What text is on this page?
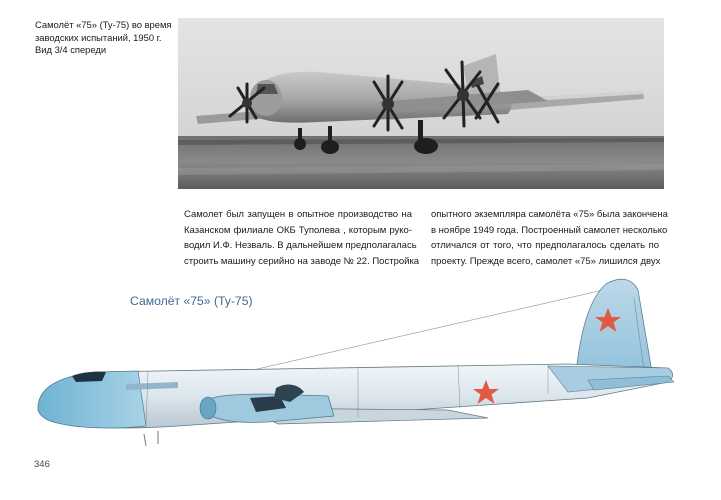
Самолёт «75» (Ту-75) во время
заводских испытаний, 1950 г.
Вид 3/4 спереди
Самолет был запущен в опытное производство на
Казанском филиале ОКБ Туполева , которым руко-
водил И.Ф. Незваль. В дальнейшем предполагалась
строить машину серийно на заводе № 22. Постройка
опытного экземпляра самолёта «75» была закончена
в ноябре 1949 года. Построенный самолет несколько
отличался от того, что предполагалось сделать по
проекту. Прежде всего, самолет «75» лишился двух
Самолёт «75» (Ту-75)
346
